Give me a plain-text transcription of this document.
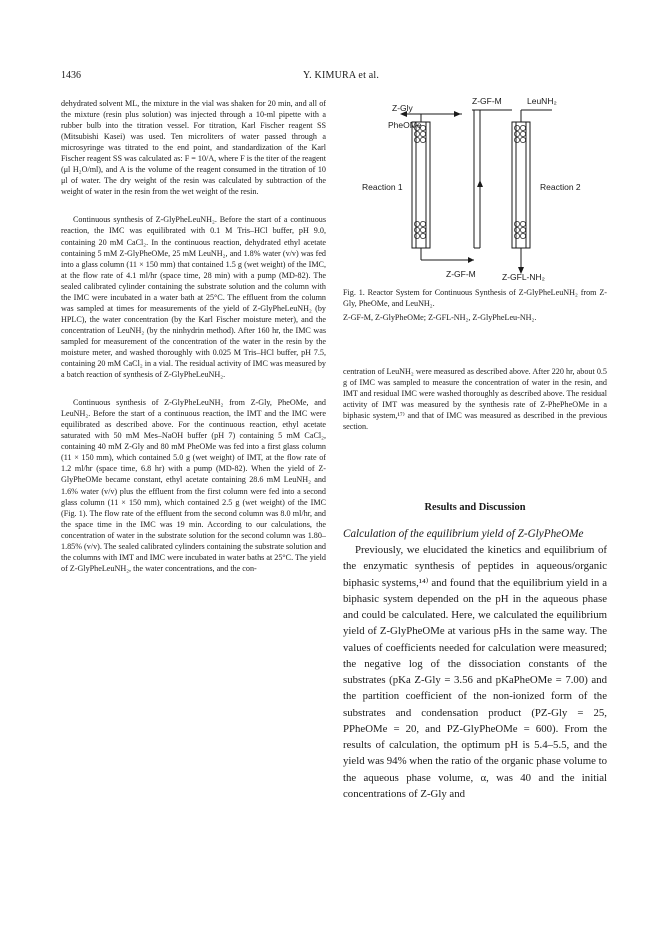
1436	Y. KIMURA et al.

dehydrated solvent ML, the mixture in the vial was shaken for 20 min, and all of the mixture (resin plus solution) was injected through a 10-ml pipette with a rubber bulb into the titration vessel. For titration, Karl Fischer reagent SS (Mitsubishi Kasei) was used. Ten microliters of water passed through a microsyringe was titrated to the end point, and standardization of the Karl Fischer reagent SS was calculated as: F = 10/A, where F is the titer of the reagent (μl H₂O/ml), and A is the volume of the reagent consumed in the titration of 10 μl of water. The dry weight of the resin was calculated by subtraction of the weight of water in the resin from the wet weight of the resin.

Continuous synthesis of Z-GlyPheLeuNH₂. Before the start of a continuous reaction, the IMC was equilibrated with 0.1 M Tris–HCl buffer, pH 9.0, containing 20 mM CaCl₂. In the continuous reaction, dehydrated ethyl acetate containing 5 mM Z-GlyPheOMe, 25 mM LeuNH₂, and 1.8% water (v/v) was fed into a glass column (11 × 150 mm) that contained 1.5 g (wet weight) of the IMC, at the flow rate of 4.1 ml/hr (space time, 28 min) with a pump (MD-82). The sealed calibrated cylinder containing the substrate solution and the column with the IMC were incubated in a water bath at 25°C. The effluent from the column was sampled at times for measurements of the yield of Z-GlyPheLeuNH₂ (by HPLC), the water concentration (by the Karl Fischer moisture meter), and the concentration of LeuNH₂ (by the ninhydrin method). After 160 hr, the IMC was sampled for measurement of the concentration of the water in the resin by the moisture meter, and washed thoroughly with 0.025 M Tris–HCl buffer, pH 7.5, containing 20 mM CaCl₂ in a vial. The residual activity of IMC was measured by a batch reaction of synthesis of Z-GlyPheLeuNH₂.

Continuous synthesis of Z-GlyPheLeuNH₂ from Z-Gly, PheOMe, and LeuNH₂. Before the start of a continuous reaction, the IMT and the IMC were equilibrated as described above. For the continuous reaction, ethyl acetate saturated with 50 mM Mes–NaOH buffer (pH 7) containing 5 mM CaCl₂, containing 40 mM Z-Gly and 80 mM PheOMe was fed into a first glass column (11 × 150 mm), which contained 5.0 g (wet weight) of IMT, at the flow rate of 1.2 ml/hr (space time, 6.8 hr) with a pump (MD-82). When the yield of Z-GlyPheOMe became constant, ethyl acetate containing 28.6 mM LeuNH₂ and 1.6% water (v/v) plus the effluent from the first column were fed into a second glass column (11 × 150 mm), which contained 2.5 g (wet weight) of the IMC (Fig. 1). The flow rate of the effluent from the second column was 8.0 ml/hr, and the space time in the IMC was 19 min. According to our calculations, the concentration of water in the substrate solution for the second column was 1.80–1.85% (v/v). The sealed calibrated cylinders containing the substrate solution and the columns with IMT and IMC were incubated in water baths at 25°C. The yield of Z-GlyPheLeuNH₂, the water concentrations, and the con-

Z-Gly
PheOMe
Z-GF-M	LeuNH₂
Reaction 1	Reaction 2
Z-GF-M	Z-GFL-NH₂

Fig. 1. Reactor System for Continuous Synthesis of Z-GlyPheLeuNH₂ from Z-Gly, PheOMe, and LeuNH₂.

Z-GF-M, Z-GlyPheOMe; Z-GFL-NH₂, Z-GlyPheLeu-NH₂.

centration of LeuNH₂ were measured as described above. After 220 hr, about 0.5 g of IMC was sampled to measure the concentration of water in the resin, and IMT and residual IMC were washed thoroughly as described above. The residual activity of IMT was measured by the synthesis rate of Z-PhePheOMe in a biphasic system,¹⁷⁾ and that of IMC was measured as described in the previous section.

Results and Discussion

Calculation of the equilibrium yield of Z-GlyPheOMe

Previously, we elucidated the kinetics and equilibrium of the enzymatic synthesis of peptides in aqueous/organic biphasic systems,¹⁴⁾ and found that the equilibrium yield in a biphasic system depended on the pH in the aqueous phase and could be calculated. Here, we calculated the equilibrium yield of Z-GlyPheOMe at various pHs in the same way. The values of coefficients needed for calculation were measured; the negative log of the dissociation constants of the substrates (pKa Z-Gly = 3.56 and pKaPheOMe = 7.00) and the partition coefficient of the non-ionized form of the substrates and condensation product (PZ-Gly = 25, PPheOMe = 20, and PZ-GlyPheOMe = 600). From the results of calculation, the optimum pH is 5.4–5.5, and the yield was 94% when the ratio of the organic phase volume to the aqueous phase volume, α, was 40 and the initial concentrations of Z-Gly and
